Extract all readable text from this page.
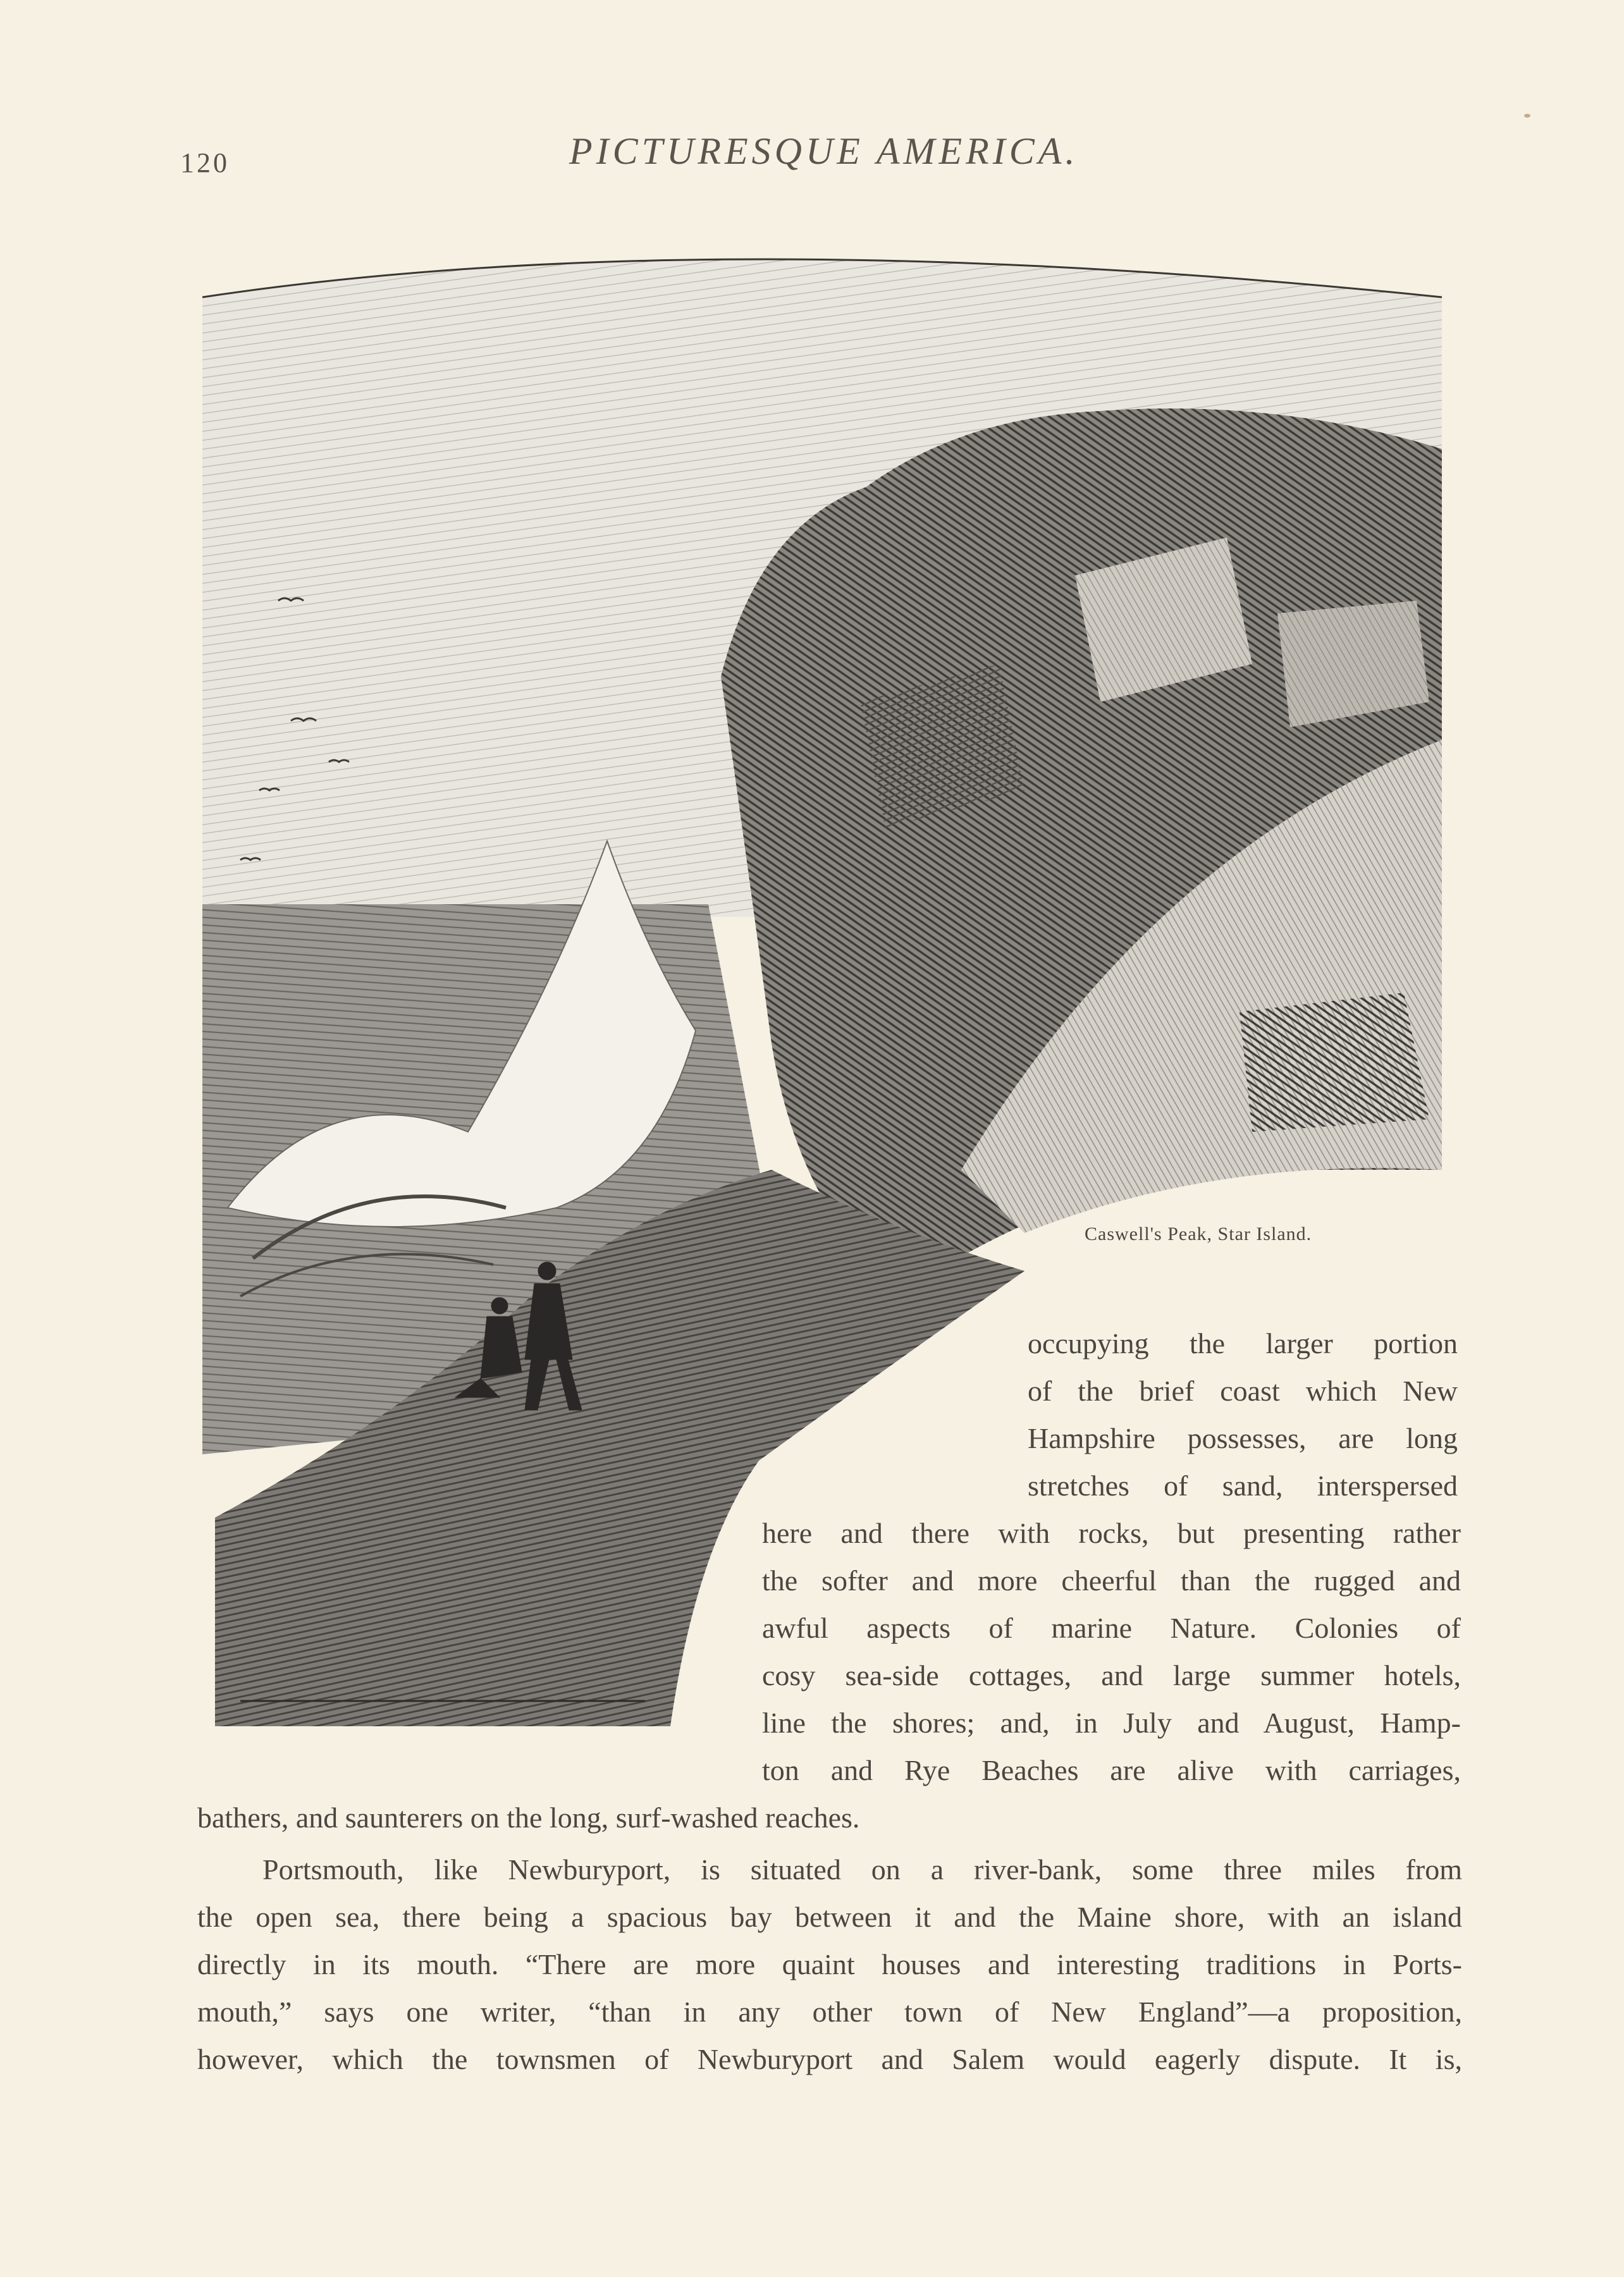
120	PICTURESQUE AMERICA.
Caswell's Peak, Star Island.
occupying the larger portion
of the brief coast which New
Hampshire possesses, are long
stretches of sand, interspersed
here and there with rocks, but presenting rather
the softer and more cheerful than the rugged and
awful aspects of marine Nature. Colonies of
cosy sea-side cottages, and large summer hotels,
line the shores; and, in July and August, Hamp-
ton and Rye Beaches are alive with carriages,
bathers, and saunterers on the long, surf-washed reaches.
Portsmouth, like Newburyport, is situated on a river-bank, some three miles from
the open sea, there being a spacious bay between it and the Maine shore, with an island
directly in its mouth. “There are more quaint houses and interesting traditions in Ports-
mouth,” says one writer, “than in any other town of New England”—a proposition,
however, which the townsmen of Newburyport and Salem would eagerly dispute. It is,
